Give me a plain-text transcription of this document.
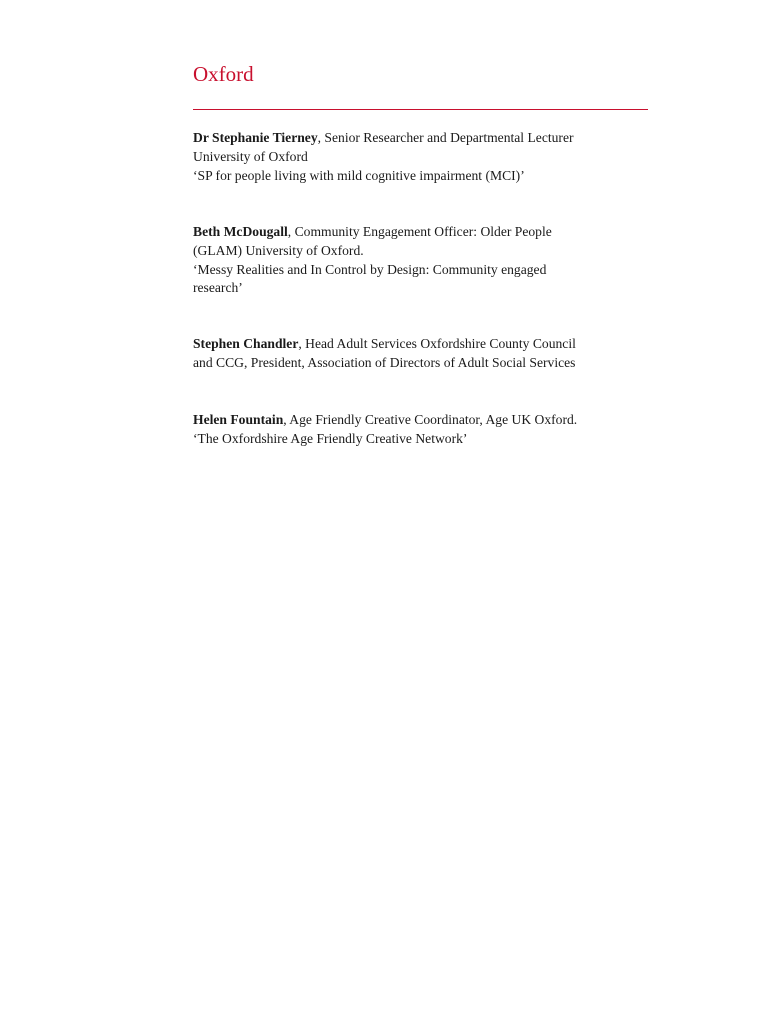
Oxford
Dr Stephanie Tierney, Senior Researcher and Departmental Lecturer
University of Oxford
‘SP for people living with mild cognitive impairment (MCI)’
Beth McDougall, Community Engagement Officer: Older People
(GLAM) University of Oxford.
‘Messy Realities and In Control by Design: Community engaged
research’
Stephen Chandler, Head Adult Services Oxfordshire County Council
and CCG, President, Association of Directors of Adult Social Services
Helen Fountain, Age Friendly Creative Coordinator, Age UK Oxford.
‘The Oxfordshire Age Friendly Creative Network’
